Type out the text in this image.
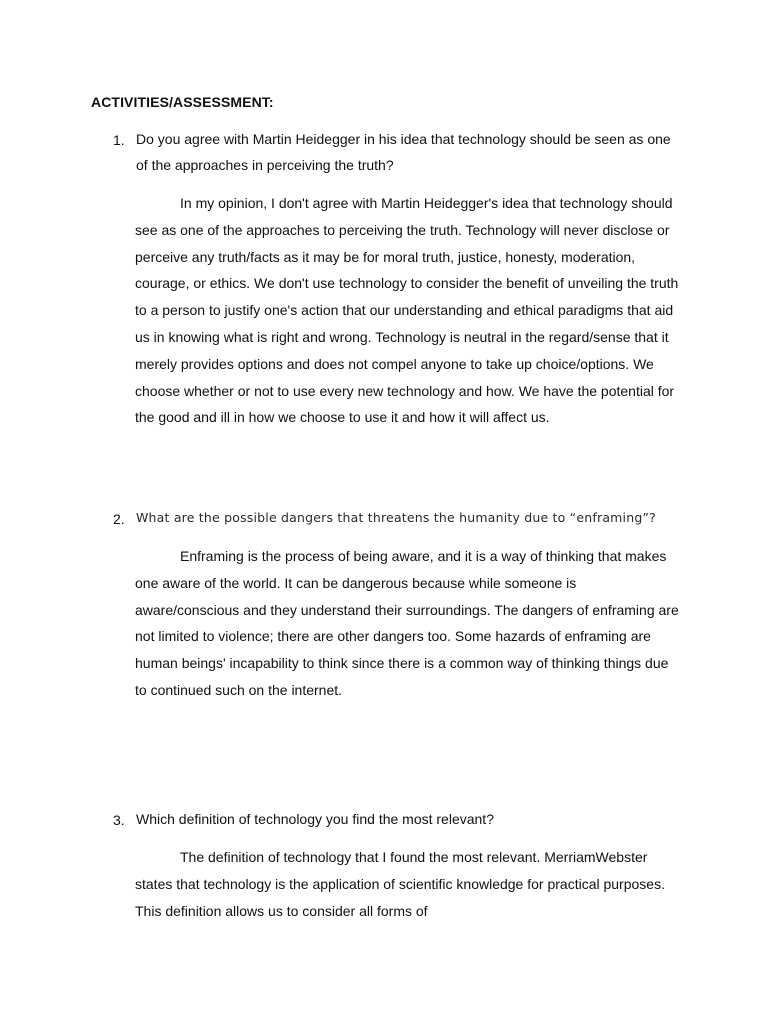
ACTIVITIES/ASSESSMENT:
1. Do you agree with Martin Heidegger in his idea that technology should be seen as one of the approaches in perceiving the truth?

In my opinion, I don't agree with Martin Heidegger's idea that technology should see as one of the approaches to perceiving the truth. Technology will never disclose or perceive any truth/facts as it may be for moral truth, justice, honesty, moderation, courage, or ethics. We don't use technology to consider the benefit of unveiling the truth to a person to justify one's action that our understanding and ethical paradigms that aid us in knowing what is right and wrong. Technology is neutral in the regard/sense that it merely provides options and does not compel anyone to take up choice/options. We choose whether or not to use every new technology and how. We have the potential for the good and ill in how we choose to use it and how it will affect us.

2. What are the possible dangers that threatens the humanity due to “enframing”?

Enframing is the process of being aware, and it is a way of thinking that makes one aware of the world. It can be dangerous because while someone is aware/conscious and they understand their surroundings. The dangers of enframing are not limited to violence; there are other dangers too. Some hazards of enframing are human beings' incapability to think since there is a common way of thinking things due to continued such on the internet.

3. Which definition of technology you find the most relevant?

The definition of technology that I found the most relevant. MerriamWebster states that technology is the application of scientific knowledge for practical purposes. This definition allows us to consider all forms of
